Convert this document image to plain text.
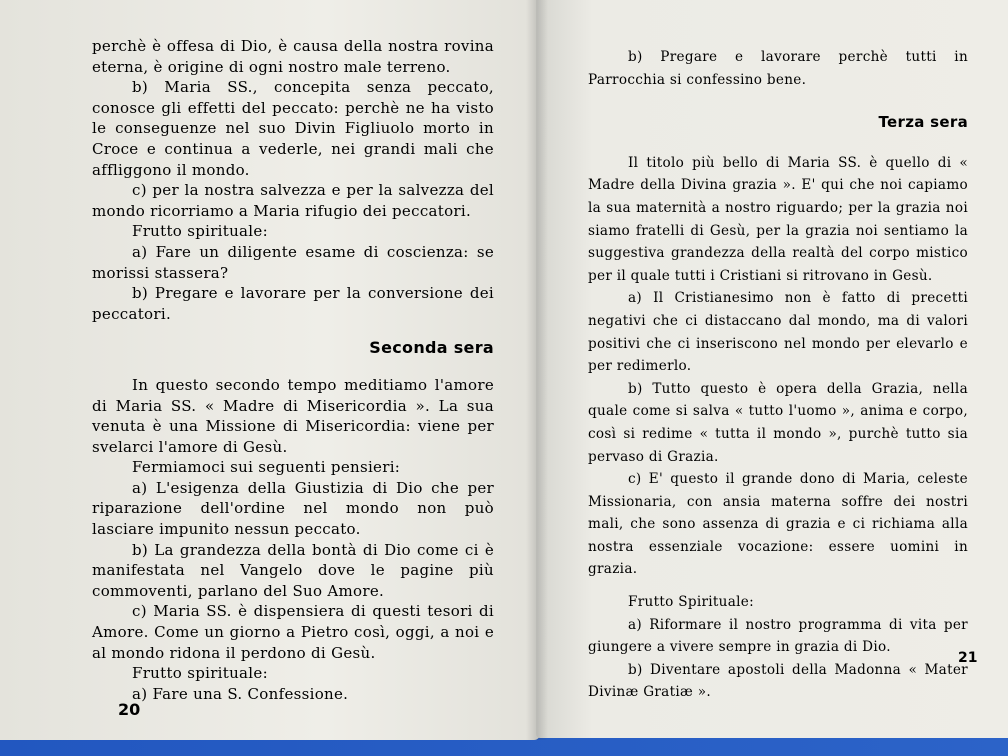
perchè è offesa di Dio, è causa della nostra rovina eterna, è origine di ogni nostro male terreno.

b) Maria SS., concepita senza peccato, conosce gli effetti del peccato: perchè ne ha visto le conseguenze nel suo Divin Figliuolo morto in Croce e continua a vederle, nei grandi mali che affliggono il mondo.

c) per la nostra salvezza e per la salvezza del mondo ricorriamo a Maria rifugio dei peccatori.

Frutto spirituale:

a) Fare un diligente esame di coscienza: se morissi stassera?

b) Pregare e lavorare per la conversione dei peccatori.

Seconda sera

In questo secondo tempo meditiamo l'amore di Maria SS. « Madre di Misericordia ». La sua venuta è una Missione di Misericordia: viene per svelarci l'amore di Gesù.

Fermiamoci sui seguenti pensieri:

a) L'esigenza della Giustizia di Dio che per riparazione dell'ordine nel mondo non può lasciare impunito nessun peccato.

b) La grandezza della bontà di Dio come ci è manifestata nel Vangelo dove le pagine più commoventi, parlano del Suo Amore.

c) Maria SS. è dispensiera di questi tesori di Amore. Come un giorno a Pietro così, oggi, a noi e al mondo ridona il perdono di Gesù.

Frutto spirituale:

a) Fare una S. Confessione.

20

b) Pregare e lavorare perchè tutti in Parrocchia si confessino bene.

Terza sera

Il titolo più bello di Maria SS. è quello di « Madre della Divina grazia ». E' qui che noi capiamo la sua maternità a nostro riguardo; per la grazia noi siamo fratelli di Gesù, per la grazia noi sentiamo la suggestiva grandezza della realtà del corpo mistico per il quale tutti i Cristiani si ritrovano in Gesù.

a) Il Cristianesimo non è fatto di precetti negativi che ci distaccano dal mondo, ma di valori positivi che ci inseriscono nel mondo per elevarlo e per redimerlo.

b) Tutto questo è opera della Grazia, nella quale come si salva « tutto l'uomo », anima e corpo, così si redime « tutta il mondo », purchè tutto sia pervaso di Grazia.

c) E' questo il grande dono di Maria, celeste Missionaria, con ansia materna soffre dei nostri mali, che sono assenza di grazia e ci richiama alla nostra essenziale vocazione: essere uomini in grazia.

Frutto Spirituale:

a) Riformare il nostro programma di vita per giungere a vivere sempre in grazia di Dio.

b) Diventare apostoli della Madonna « Mater Divinæ Gratiæ ».

21
